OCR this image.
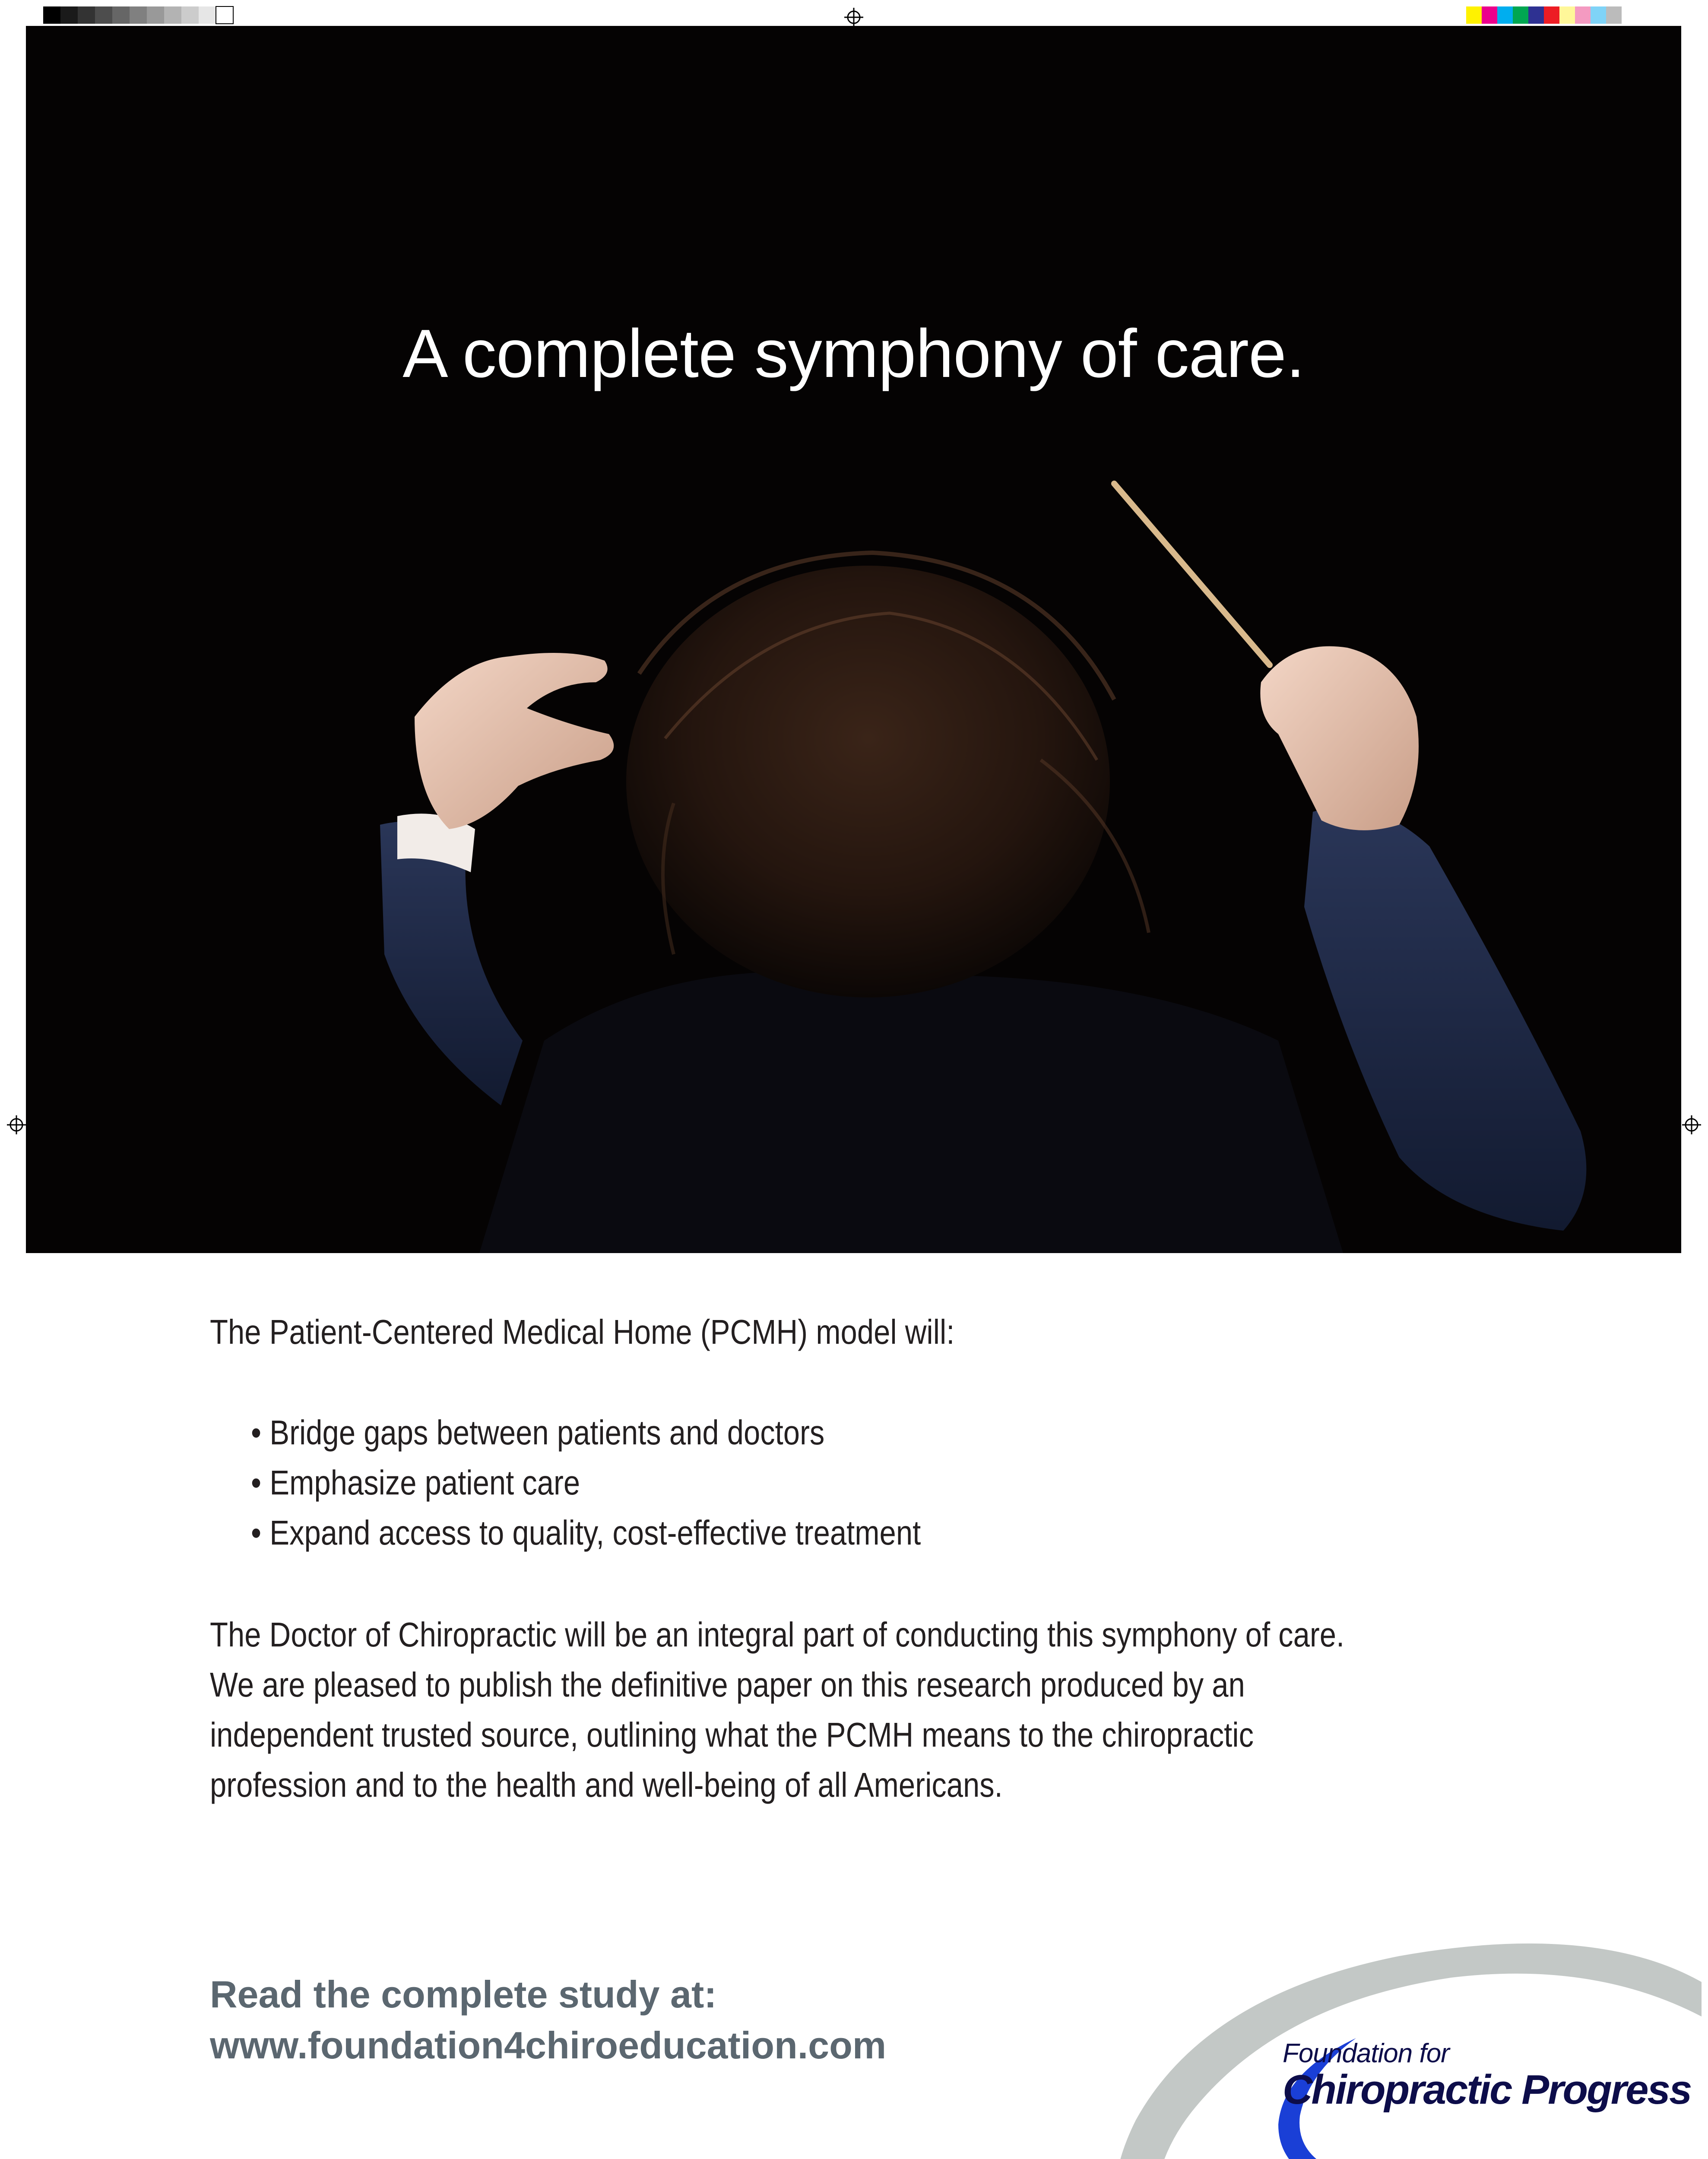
A complete symphony of care.

The Patient-Centered Medical Home (PCMH) model will:

• Bridge gaps between patients and doctors
• Emphasize patient care
• Expand access to quality, cost-effective treatment

The Doctor of Chiropractic will be an integral part of conducting this symphony of care.

We are pleased to publish the definitive paper on this research produced by an

independent trusted source, outlining what the PCMH means to the chiropractic

profession and to the health and well-being of all Americans.

Read the complete study at:
www.foundation4chiroeducation.com	Foundation for
Chiropractic Progress
